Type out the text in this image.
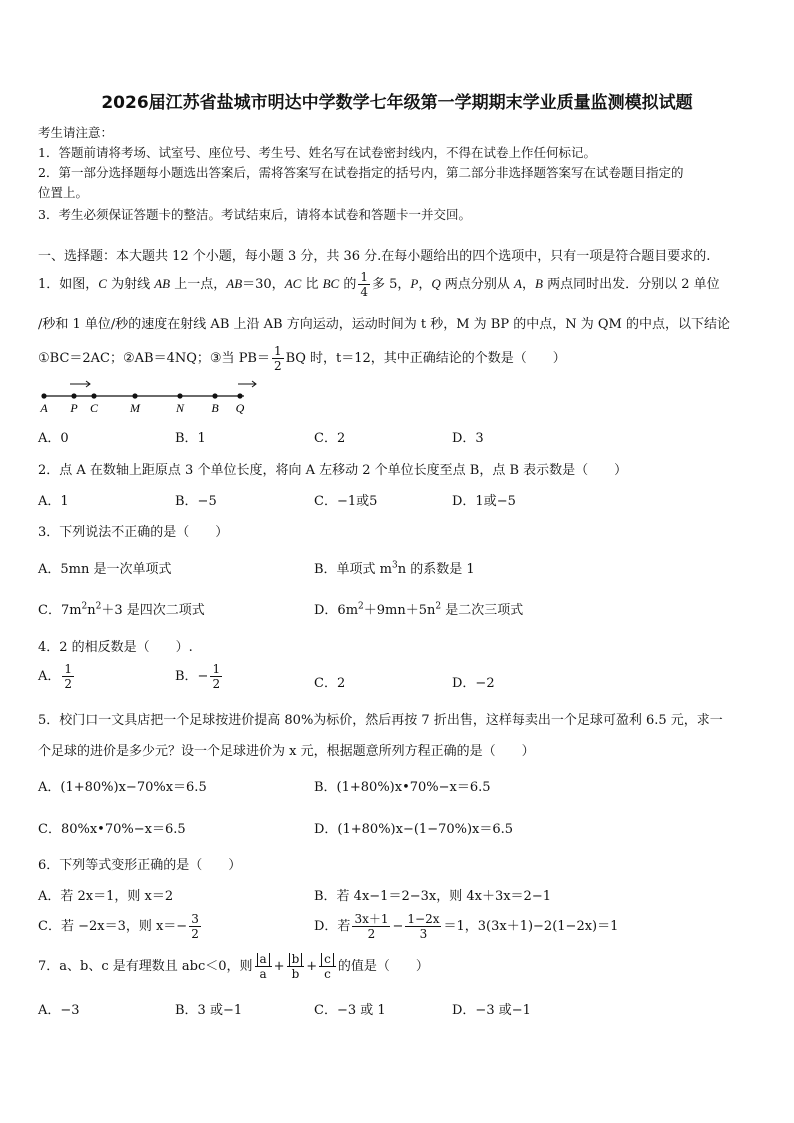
2026届江苏省盐城市明达中学数学七年级第一学期期末学业质量监测模拟试题
考生请注意：
1．答题前请将考场、试室号、座位号、考生号、姓名写在试卷密封线内，不得在试卷上作任何标记。
2．第一部分选择题每小题选出答案后，需将答案写在试卷指定的括号内，第二部分非选择题答案写在试卷题目指定的
位置上。
3．考生必须保证答题卡的整洁。考试结束后，请将本试卷和答题卡一并交回。
一、选择题：本大题共 12 个小题，每小题 3 分，共 36 分.在每小题给出的四个选项中，只有一项是符合题目要求的.
1．如图，C 为射线 AB 上一点，AB＝30，AC 比 BC 的 $\frac{1}{4}$ 多 5，P，Q 两点分别从 A，B 两点同时出发．分别以 2 单位
/秒和 1 单位/秒的速度在射线 AB 上沿 AB 方向运动，运动时间为 t 秒，M 为 BP 的中点，N 为 QM 的中点，以下结论
①BC＝2AC；②AB＝4NQ；③当 $PB= \frac{1}{2}$ BQ 时，t＝12，其中正确结论的个数是（　　）
A P C	M	N B Q
A．0	B．1	C．2	D．3
2．点 A 在数轴上距原点 3 个单位长度，将向 A 左移动 2 个单位长度至点 B，点 B 表示数是（　　）
A．1	B．−5	C．−1或5	D．1或−5
3．下列说法不正确的是（　　）
A．5mn 是一次单项式	B．单项式 $m^3n$ 的系数是 1
C．$7m^2n^2+3$ 是四次二项式	D．$6m^2+9mn+5n^2$ 是二次三项式
4．2 的相反数是（　　）.
A． $\frac{1}{2}$	B．− $\frac{1}{2}$	C．2	D．−2
5．校门口一文具店把一个足球按进价提高 80%为标价，然后再按 7 折出售，这样每卖出一个足球可盈利 6.5 元，求一
个足球的进价是多少元？设一个足球进价为 x 元，根据题意所列方程正确的是（　　）
A．(1+80%)x−70%x＝6.5	B．(1+80%)x•70%−x＝6.5
C．80%x•70%−x＝6.5	D．(1+80%)x−(1−70%)x＝6.5
6．下列等式变形正确的是（　　）
A．若 2x＝1，则 x＝2	B．若 4x−1＝2−3x，则 4x＋3x＝2−1
C．若 −2x＝3，则 $x=- \frac{3}{2}$	D．若 $\frac{3x+1}{2} - \frac{1-2x}{3} =1$，3(3x＋1)−2(1−2x)＝1
7．a、b、c 是有理数且 abc＜0，则 $\frac{a}{a} + \frac{b}{b} + \frac{c}{c}$ 的值是（　　）
A．−3	B．3 或−1	C．−3 或 1	D．−3 或−1
